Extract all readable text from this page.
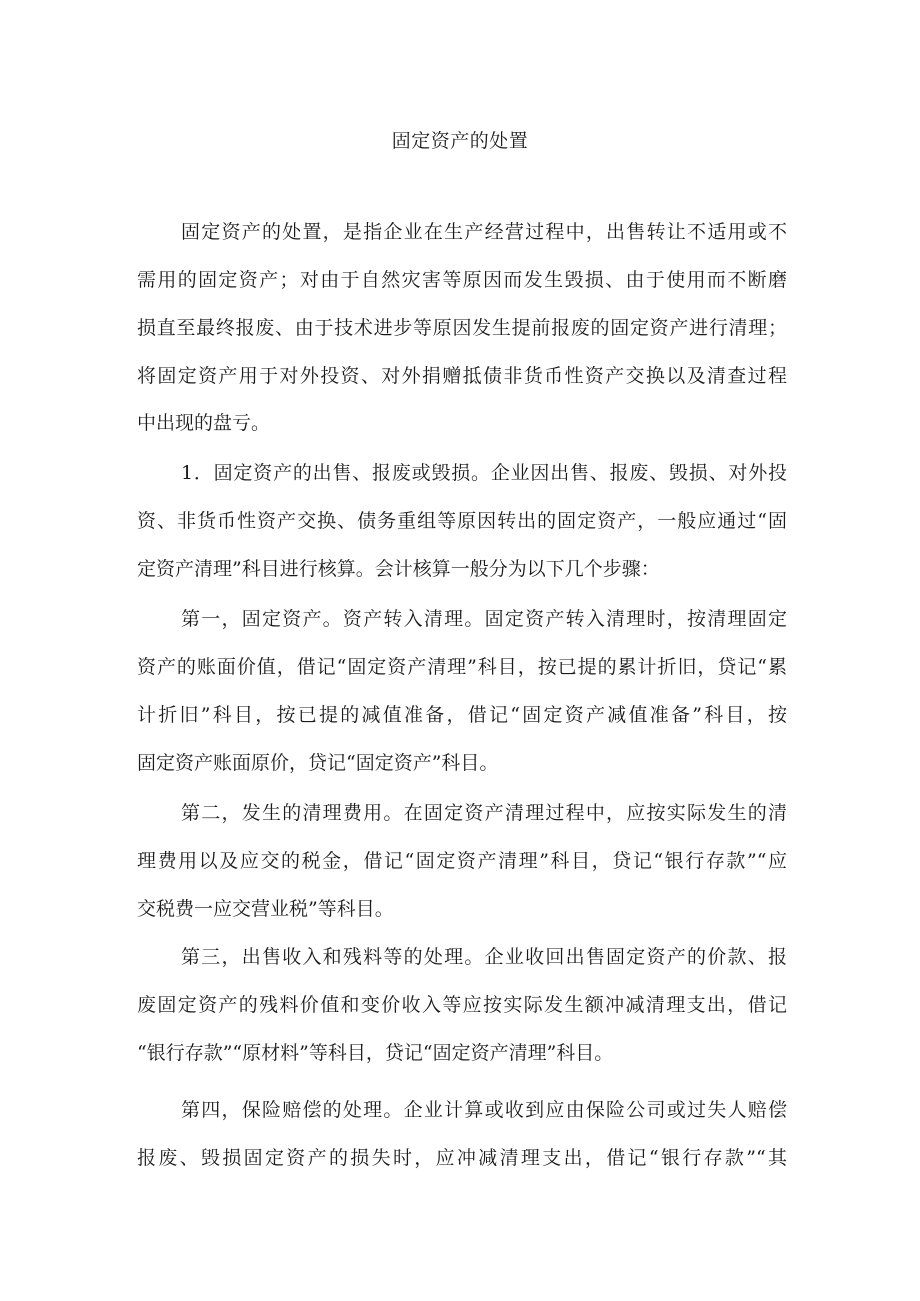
固定资产的处置
固定资产的处置，是指企业在生产经营过程中，出售转让不适用或不
需用的固定资产；对由于自然灾害等原因而发生毁损、由于使用而不断磨
损直至最终报废、由于技术进步等原因发生提前报废的固定资产进行清理；
将固定资产用于对外投资、对外捐赠抵债非货币性资产交换以及清查过程
中出现的盘亏。
1．固定资产的出售、报废或毁损。企业因出售、报废、毁损、对外投
资、非货币性资产交换、债务重组等原因转出的固定资产，一般应通过“固
定资产清理”科目进行核算。会计核算一般分为以下几个步骤：
第一，固定资产。资产转入清理。固定资产转入清理时，按清理固定
资产的账面价值，借记“固定资产清理”科目，按已提的累计折旧，贷记“累
计折旧”科目，按已提的减值准备，借记“固定资产减值准备”科目，按
固定资产账面原价，贷记“固定资产”科目。
第二，发生的清理费用。在固定资产清理过程中，应按实际发生的清
理费用以及应交的税金，借记“固定资产清理”科目，贷记“银行存款”“应
交税费一应交营业税”等科目。
第三，出售收入和残料等的处理。企业收回出售固定资产的价款、报
废固定资产的残料价值和变价收入等应按实际发生额冲减清理支出，借记
“银行存款”“原材料”等科目，贷记“固定资产清理”科目。
第四，保险赔偿的处理。企业计算或收到应由保险公司或过失人赔偿
报废、毁损固定资产的损失时，应冲减清理支出，借记“银行存款”“其
